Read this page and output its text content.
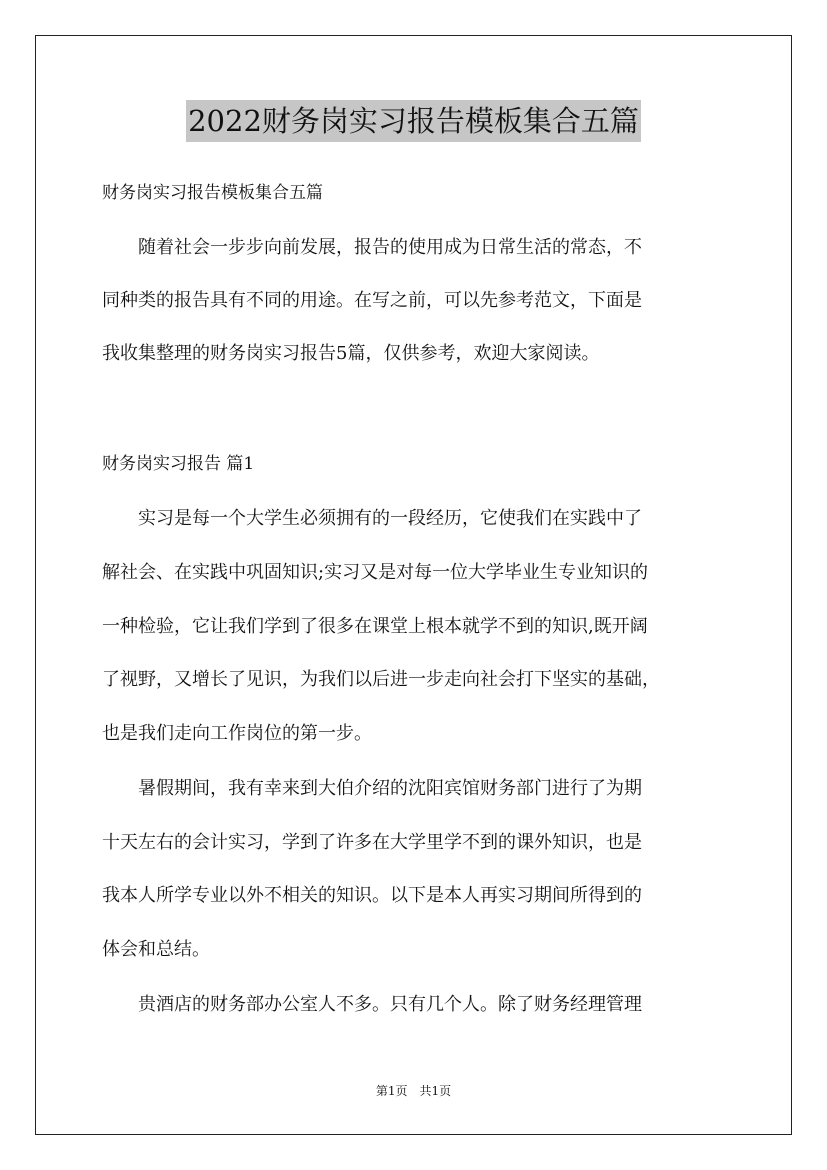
2022财务岗实习报告模板集合五篇
财务岗实习报告模板集合五篇
　　随着社会一步步向前发展，报告的使用成为日常生活的常态，不
同种类的报告具有不同的用途。在写之前，可以先参考范文，下面是
我收集整理的财务岗实习报告5篇，仅供参考，欢迎大家阅读。
财务岗实习报告 篇1
　　实习是每一个大学生必须拥有的一段经历，它使我们在实践中了
解社会、在实践中巩固知识;实习又是对每一位大学毕业生专业知识的
一种检验，它让我们学到了很多在课堂上根本就学不到的知识,既开阔
了视野，又增长了见识，为我们以后进一步走向社会打下坚实的基础，
也是我们走向工作岗位的第一步。
　　暑假期间，我有幸来到大伯介绍的沈阳宾馆财务部门进行了为期
十天左右的会计实习，学到了许多在大学里学不到的课外知识，也是
我本人所学专业以外不相关的知识。以下是本人再实习期间所得到的
体会和总结。
　　贵酒店的财务部办公室人不多。只有几个人。除了财务经理管理
第1页　共1页
